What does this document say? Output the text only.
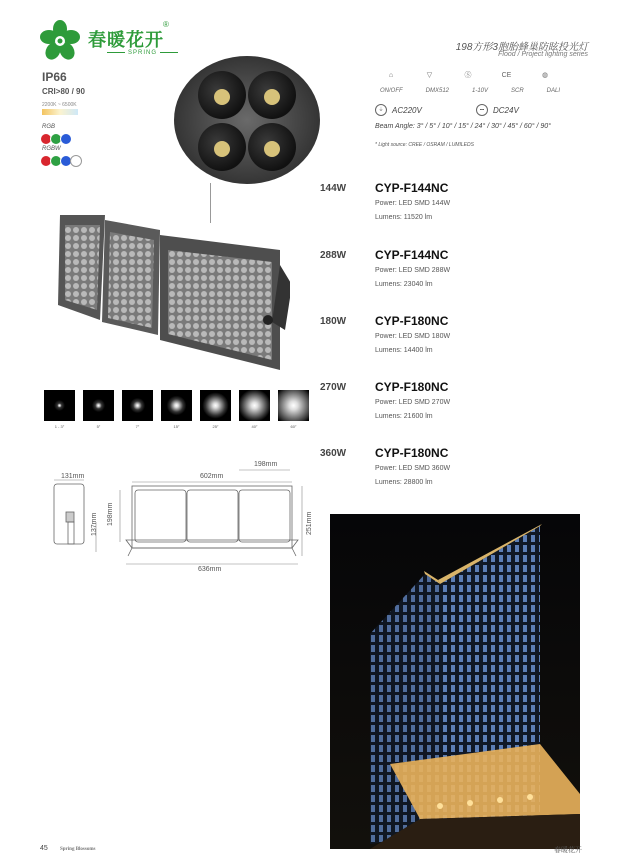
春暖花开
®
SPRING	198方形3胞胎蜂巢防眩投光灯
Flood / Project lighting series
IP66
CRI>80 / 90
2200K ~ 6500K
RGB
RGBW
⌂	▽	Ⓢ	CE	◍
ON/OFF	DMX512	1-10V	SCR	DALI
⏚	AC220V	⎓	DC24V
Beam Angle: 3° / 5° / 10° / 15° / 24° / 30° / 45° / 60° / 90°
* Light source: CREE / OSRAM / LUMILEDS
144W CYP-F144NC
Power: LED SMD 144W
Lumens: 11520 lm
288W CYP-F144NC
Power: LED SMD 288W
Lumens: 23040 lm
180W CYP-F180NC
Power: LED SMD 180W
Lumens: 14400 lm
270W CYP-F180NC
Power: LED SMD 270W
Lumens: 21600 lm
360W CYP-F180NC
Power: LED SMD 360W
Lumens: 28800 lm
1 - 3°	5°	7°	15°	25°	40°	60°
131mm
137mm 198mm
198mm
602mm
636mm
251mm
45 Spring Blossoms	春暖花开
